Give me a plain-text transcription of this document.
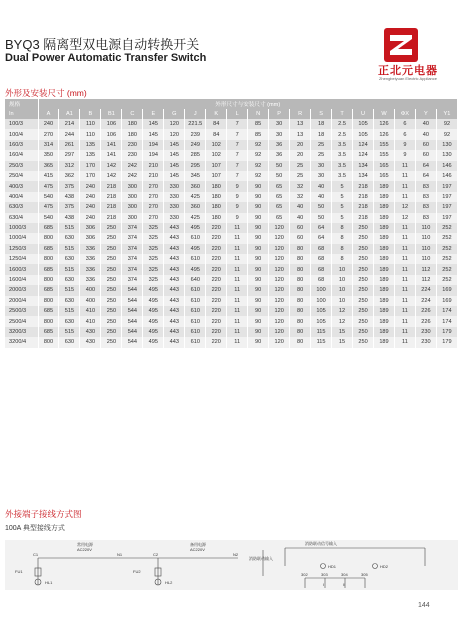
BYQ3 隔离型双电源自动转换开关
Dual Power Automatic Transfer Switch
正北元电器
Zhengbeiyuan Electric Appliance
外形及安装尺寸 (mm)
规格	外形尺寸与安装尺寸 (mm)																			
In	A	A1	B	B1	C	E	G	J	K	L	N	P	R	S	T	U	W	ΦX	Y	Y1
100/3	240	214	110	106	180	145	120	221.5	84	7	85	30	13	18	2.5	105	126	6	40	92
100/4	270	244	110	106	180	145	120	239	84	7	85	30	13	18	2.5	105	126	6	40	92
160/3	314	261	135	141	230	194	145	249	102	7	92	36	20	25	3.5	124	155	9	60	130
160/4	350	297	135	141	230	194	145	285	102	7	92	36	20	25	3.5	124	155	9	60	130
250/3	365	312	170	142	242	210	145	295	107	7	92	50	25	30	3.5	134	165	11	64	146
250/4	415	362	170	142	242	210	145	345	107	7	92	50	25	30	3.5	134	165	11	64	146
400/3	475	375	240	218	300	270	330	360	180	9	90	65	32	40	5	218	189	11	83	197
400/4	540	438	240	218	300	270	330	425	180	9	90	65	32	40	5	218	189	11	83	197
630/3	475	375	240	218	300	270	330	360	180	9	90	65	40	50	5	218	189	12	83	197
630/4	540	438	240	218	300	270	330	425	180	9	90	65	40	50	5	218	189	12	83	197
1000/3	685	515	306	250	374	325	443	495	220	11	90	120	60	64	8	250	189	11	110	252
1000/4	800	630	306	250	374	325	443	610	220	11	90	120	60	64	8	250	189	11	110	252
1250/3	685	515	336	250	374	325	443	495	220	11	90	120	80	68	8	250	189	11	110	252
1250/4	800	630	336	250	374	325	443	610	220	11	90	120	80	68	8	250	189	11	110	252
1600/3	685	515	336	250	374	325	443	495	220	11	90	120	80	68	10	250	189	11	112	252
1600/4	800	630	336	250	374	325	443	640	220	11	90	120	80	68	10	250	189	11	112	252
2000/3	685	515	400	250	544	495	443	610	220	11	90	120	80	100	10	250	189	11	224	169
2000/4	800	630	400	250	544	495	443	610	220	11	90	120	80	100	10	250	189	11	224	169
2500/3	685	515	410	250	544	495	443	610	220	11	90	120	80	105	12	250	189	11	226	174
2500/4	800	630	410	250	544	495	443	610	220	11	90	120	80	105	12	250	189	11	226	174
3200/3	685	515	430	250	544	495	443	610	220	11	90	120	80	115	15	250	189	11	230	179
3200/4	800	630	430	250	544	495	443	610	220	11	90	120	80	115	15	250	189	11	230	179
外接端子接线方式图
100A 典型接线方式
常用电源
AC220V
备用电源
AC220V
C1	N1	C2	N2
FU1	FU2
HL1	HL2
消防联动信号输入
消防联动输入
HD1	HD2
302	303	304	305
I	II
144
